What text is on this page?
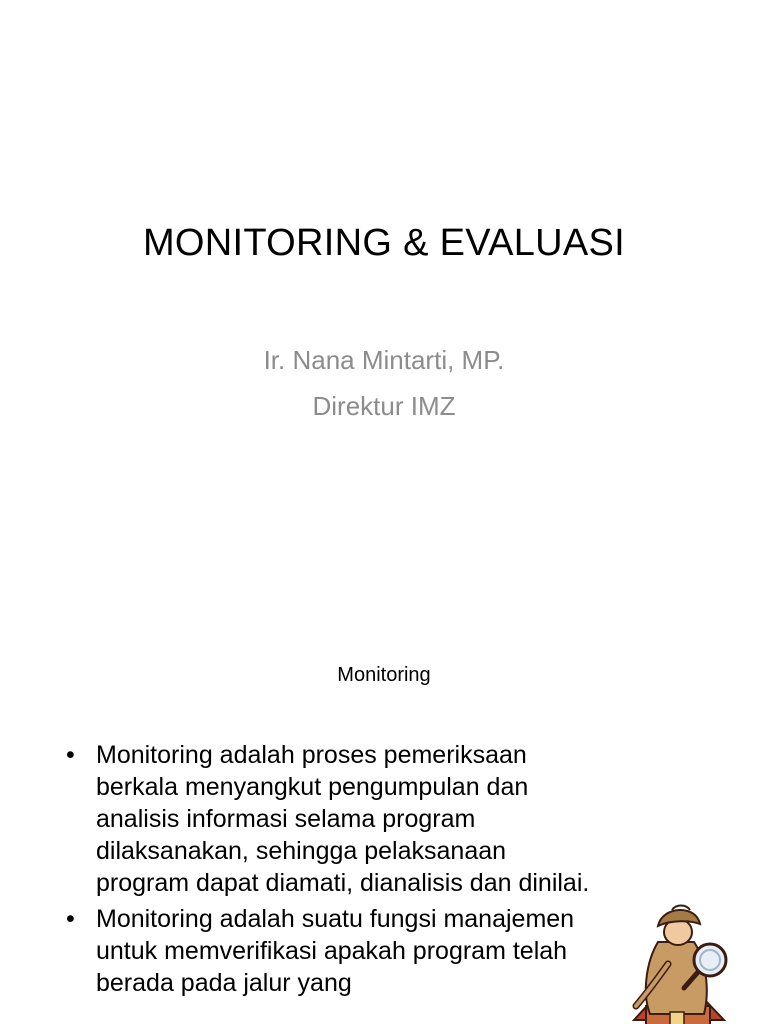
MONITORING & EVALUASI
Ir. Nana Mintarti, MP.
Direktur IMZ
Monitoring
• Monitoring adalah proses pemeriksaan berkala menyangkut pengumpulan dan analisis informasi selama program dilaksanakan, sehingga pelaksanaan program dapat diamati, dianalisis dan dinilai.
• Monitoring adalah suatu fungsi manajemen untuk memverifikasi apakah program telah berada pada jalur yang
